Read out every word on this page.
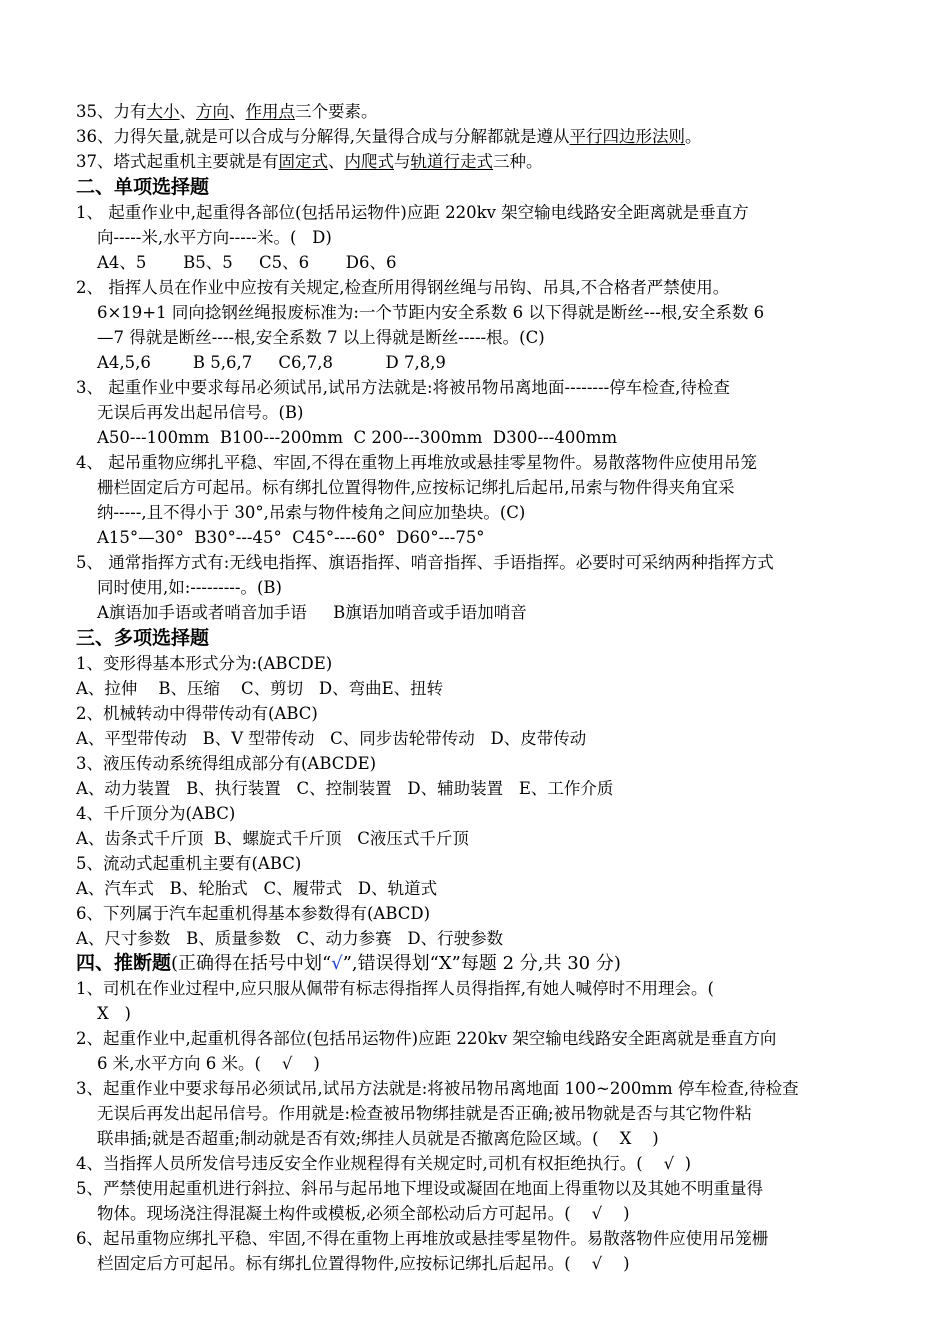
35、力有大小、方向、作用点三个要素。
36、力得矢量,就是可以合成与分解得,矢量得合成与分解都就是遵从平行四边形法则。
37、塔式起重机主要就是有固定式、内爬式与轨道行走式三种。
二、单项选择题
1、 起重作业中,起重得各部位(包括吊运物件)应距 220kv 架空输电线路安全距离就是垂直方
向-----米,水平方向-----米。(   D)
A4、5       B5、5     C5、6       D6、6
2、 指挥人员在作业中应按有关规定,检查所用得钢丝绳与吊钩、吊具,不合格者严禁使用。
6×19+1 同向捻钢丝绳报废标准为:一个节距内安全系数 6 以下得就是断丝---根,安全系数 6
—7 得就是断丝----根,安全系数 7 以上得就是断丝-----根。(C)
A4,5,6        B 5,6,7     C6,7,8          D 7,8,9
3、 起重作业中要求每吊必须试吊,试吊方法就是:将被吊物吊离地面--------停车检查,待检查
无误后再发出起吊信号。(B)
A50---100mm  B100---200mm  C 200---300mm  D300---400mm
4、 起吊重物应绑扎平稳、牢固,不得在重物上再堆放或悬挂零星物件。易散落物件应使用吊笼
栅栏固定后方可起吊。标有绑扎位置得物件,应按标记绑扎后起吊,吊索与物件得夹角宜采
纳-----,且不得小于 30°,吊索与物件棱角之间应加垫块。(C)
A15°—30°  B30°---45°  C45°----60°  D60°---75°
5、 通常指挥方式有:无线电指挥、旗语指挥、哨音指挥、手语指挥。必要时可采纳两种指挥方式
同时使用,如:---------。(B)
A旗语加手语或者哨音加手语     B旗语加哨音或手语加哨音
三、多项选择题
1、变形得基本形式分为:(ABCDE)
A、拉伸    B、压缩    C、剪切   D、弯曲E、扭转
2、机械转动中得带传动有(ABC)
A、平型带传动   B、V 型带传动   C、同步齿轮带传动   D、皮带传动
3、液压传动系统得组成部分有(ABCDE)
A、动力装置   B、执行装置   C、控制装置   D、辅助装置   E、工作介质
4、千斤顶分为(ABC)
A、齿条式千斤顶  B、螺旋式千斤顶   C液压式千斤顶
5、流动式起重机主要有(ABC)
A、汽车式   B、轮胎式   C、履带式   D、轨道式
6、下列属于汽车起重机得基本参数得有(ABCD)
A、尺寸参数   B、质量参数   C、动力参赛   D、行驶参数
四、推断题(正确得在括号中划“√”,错误得划“X”每题 2 分,共 30 分)
1、司机在作业过程中,应只服从佩带有标志得指挥人员得指挥,有她人喊停时不用理会。(
X   )
2、起重作业中,起重机得各部位(包括吊运物件)应距 220kv 架空输电线路安全距离就是垂直方向
6 米,水平方向 6 米。(    √    )
3、起重作业中要求每吊必须试吊,试吊方法就是:将被吊物吊离地面 100~200mm 停车检查,待检查
无误后再发出起吊信号。作用就是:检查被吊物绑挂就是否正确;被吊物就是否与其它物件粘
联串插;就是否超重;制动就是否有效;绑挂人员就是否撤离危险区域。(    X    )
4、当指挥人员所发信号违反安全作业规程得有关规定时,司机有权拒绝执行。(    √  )
5、严禁使用起重机进行斜拉、斜吊与起吊地下埋设或凝固在地面上得重物以及其她不明重量得
物体。现场浇注得混凝土构件或模板,必须全部松动后方可起吊。(    √    )
6、起吊重物应绑扎平稳、牢固,不得在重物上再堆放或悬挂零星物件。易散落物件应使用吊笼栅
栏固定后方可起吊。标有绑扎位置得物件,应按标记绑扎后起吊。(    √    )
